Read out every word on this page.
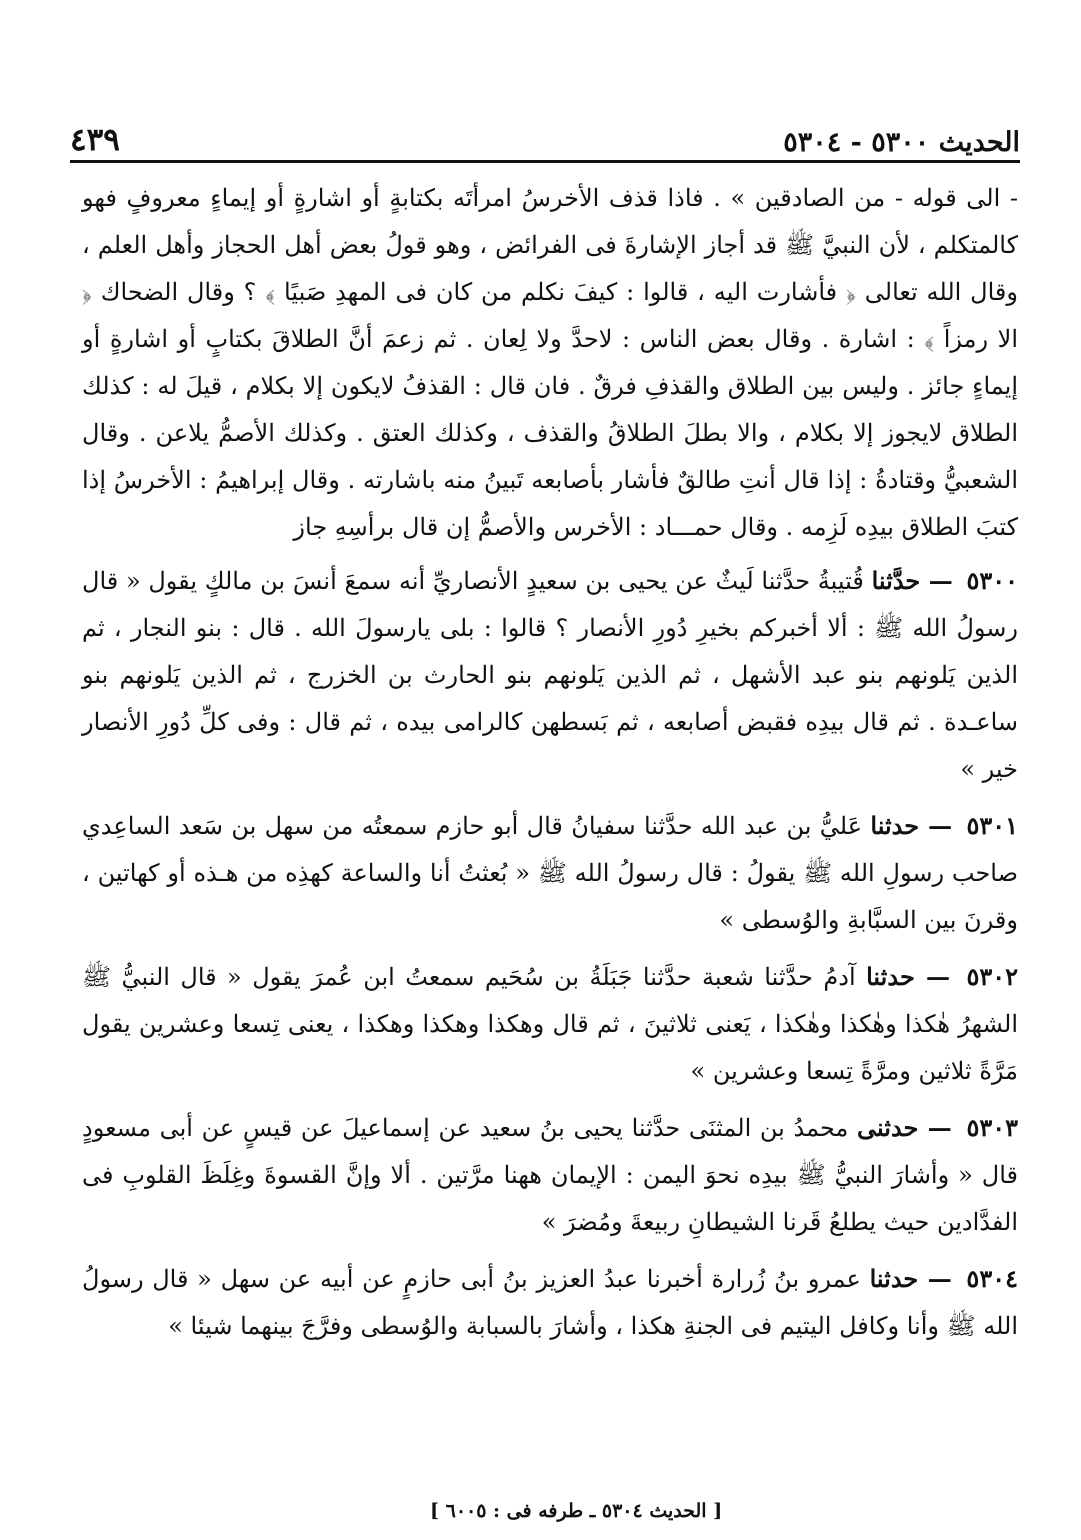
الحديث ٥٣٠٠ - ٥٣٠٤
٤٣٩

- الى قوله - من الصادقين » . فاذا قذف الأخرسُ امرأتَه بكتابةٍ أو اشارةٍ أو إيماءٍ معروفٍ فهو كالمتكلم ، لأن النبيَّ ﷺ قد أجاز الإشارةَ فى الفرائض ، وهو قولُ بعض أهل الحجاز وأهل العلم ، وقال الله تعالى ﴿ فأشارت اليه ، قالوا : كيفَ نكلم من كان فى المهدِ صَبيًا ﴾ ؟ وقال الضحاك ﴿ الا رمزاً ﴾ : اشارة . وقال بعض الناس : لاحدَّ ولا لِعان . ثم زعمَ أنَّ الطلاقَ بكتابٍ أو اشارةٍ أو إيماءٍ جائز . وليس بين الطلاق والقذفِ فرقٌ . فان قال : القذفُ لايكون إلا بكلام ، قيلَ له : كذلك الطلاق لايجوز إلا بكلام ، والا بطلَ الطلاقُ والقذف ، وكذلك العتق . وكذلك الأصمُّ يلاعن . وقال الشعبيُّ وقتادةُ : إذا قال أنتِ طالقٌ فأشار بأصابعه تَبينُ منه باشارته . وقال إبراهيمُ : الأخرسُ إذا كتبَ الطلاق بيدِه لَزِمه . وقال حمـــاد : الأخرس والأصمُّ إن قال برأسِهِ جاز

٥٣٠٠ — حدَّثنا قُتيبةُ حدَّثنا لَيثٌ عن يحيى بن سعيدٍ الأنصاريِّ أنه سمعَ أنسَ بن مالكٍ يقول « قال رسولُ الله ﷺ : ألا أخبركم بخيرِ دُورِ الأنصار ؟ قالوا : بلى يارسولَ الله . قال : بنو النجار ، ثم الذين يَلونهم بنو عبد الأشهل ، ثم الذين يَلونهم بنو الحارث بن الخزرج ، ثم الذين يَلونهم بنو ساعـدة . ثم قال بيدِه فقبض أصابعه ، ثم بَسطهن كالرامى بيده ، ثم قال : وفى كلِّ دُورِ الأنصار خير »

٥٣٠١ — حدثنا عَليُّ بن عبد الله حدَّثنا سفيانُ قال أبو حازم سمعتُه من سهل بن سَعد الساعِدي صاحب رسولِ الله ﷺ يقولُ : قال رسولُ الله ﷺ « بُعثتُ أنا والساعة كهذِه من هـذه أو كهاتين ، وقرنَ بين السبَّابةِ والوُسطى »

٥٣٠٢ — حدثنا آدمُ حدَّثنا شعبة حدَّثنا جَبَلَةُ بن سُحَيم سمعتُ ابن عُمرَ يقول « قال النبيُّ ﷺ الشهرُ هٰكذا وهٰكذا وهٰكذا ، يَعنى ثلاثينَ ، ثم قال وهكذا وهكذا وهكذا ، يعنى تِسعا وعشرين يقول مَرَّةً ثلاثين ومرَّةً تِسعا وعشرين »

٥٣٠٣ — حدثنى محمدُ بن المثنَى حدَّثنا يحيى بنُ سعيد عن إسماعيلَ عن قيسٍ عن أبى مسعودٍ قال « وأشارَ النبيُّ ﷺ بيدِه نحوَ اليمن : الإيمان ههنا مرَّتين . ألا وإنَّ القسوةَ وغِلَظَ القلوبِ فى الفدَّادين حيث يطلعُ قَرنا الشيطانِ ربيعةَ ومُضرَ »

٥٣٠٤ — حدثنا عمرو بنُ زُرارة أخبرنا عبدُ العزيز بنُ أبى حازمٍ عن أبيه عن سهل « قال رسولُ الله ﷺ وأنا وكافل اليتيم فى الجنةِ هكذا ، وأشارَ بالسبابة والوُسطى وفرَّجَ بينهما شيئا »

[ الحديث ٥٣٠٤ ـ طرفه فى : ٦٠٠٥ ]
